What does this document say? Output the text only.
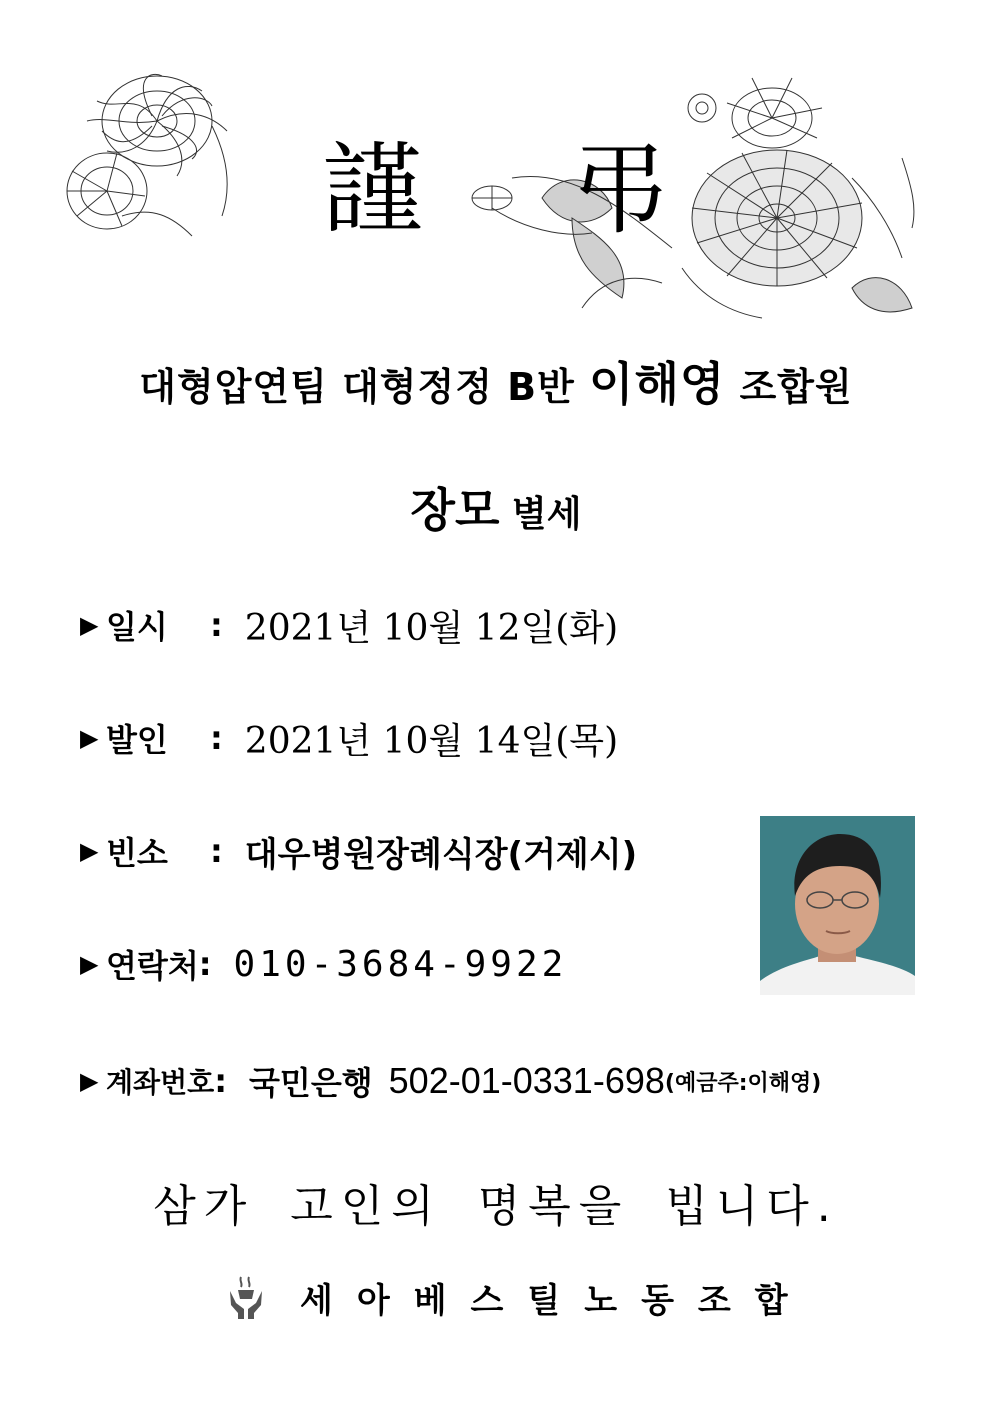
謹 弔
대형압연팀 대형정정 B반 이해영 조합원
장모 별세
▶ 일시	: 2021년 10월 12일(화)
▶ 발인	: 2021년 10월 14일(목)
▶ 빈소	: 대우병원장례식장(거제시)
▶ 연락처 : 010-3684-9922
▶ 계좌번호 : 국민은행 502-01-0331-698 (예금주:이해영)
삼가 고인의 명복을 빕니다.
세아베스틸노동조합
